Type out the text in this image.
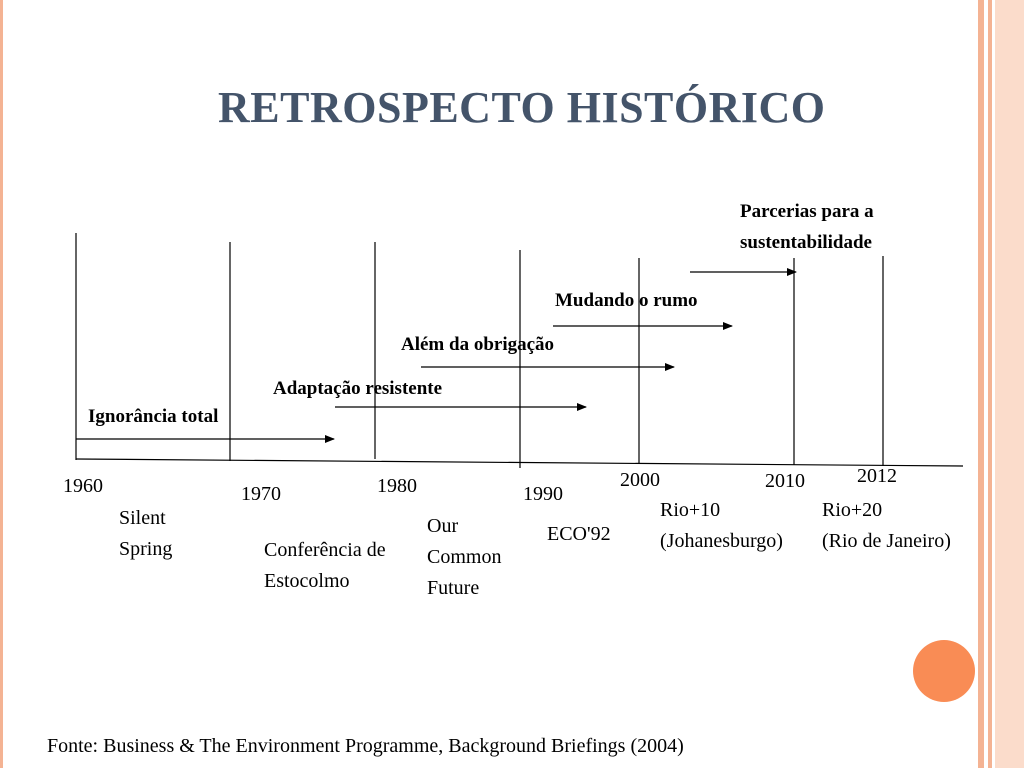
RETROSPECTO HISTÓRICO
Ignorância total
Adaptação resistente
Além da obrigação
Mudando o rumo
Parcerias para a
sustentabilidade
1960	1970	1980	1990
2000	2010	2012
Silent
Spring	Conferência de
Estocolmo
Our
Common
Future
ECO'92
Rio+10
(Johanesburgo)
Rio+20
(Rio de Janeiro)
Fonte: Business & The Environment Programme, Background Briefings (2004)
